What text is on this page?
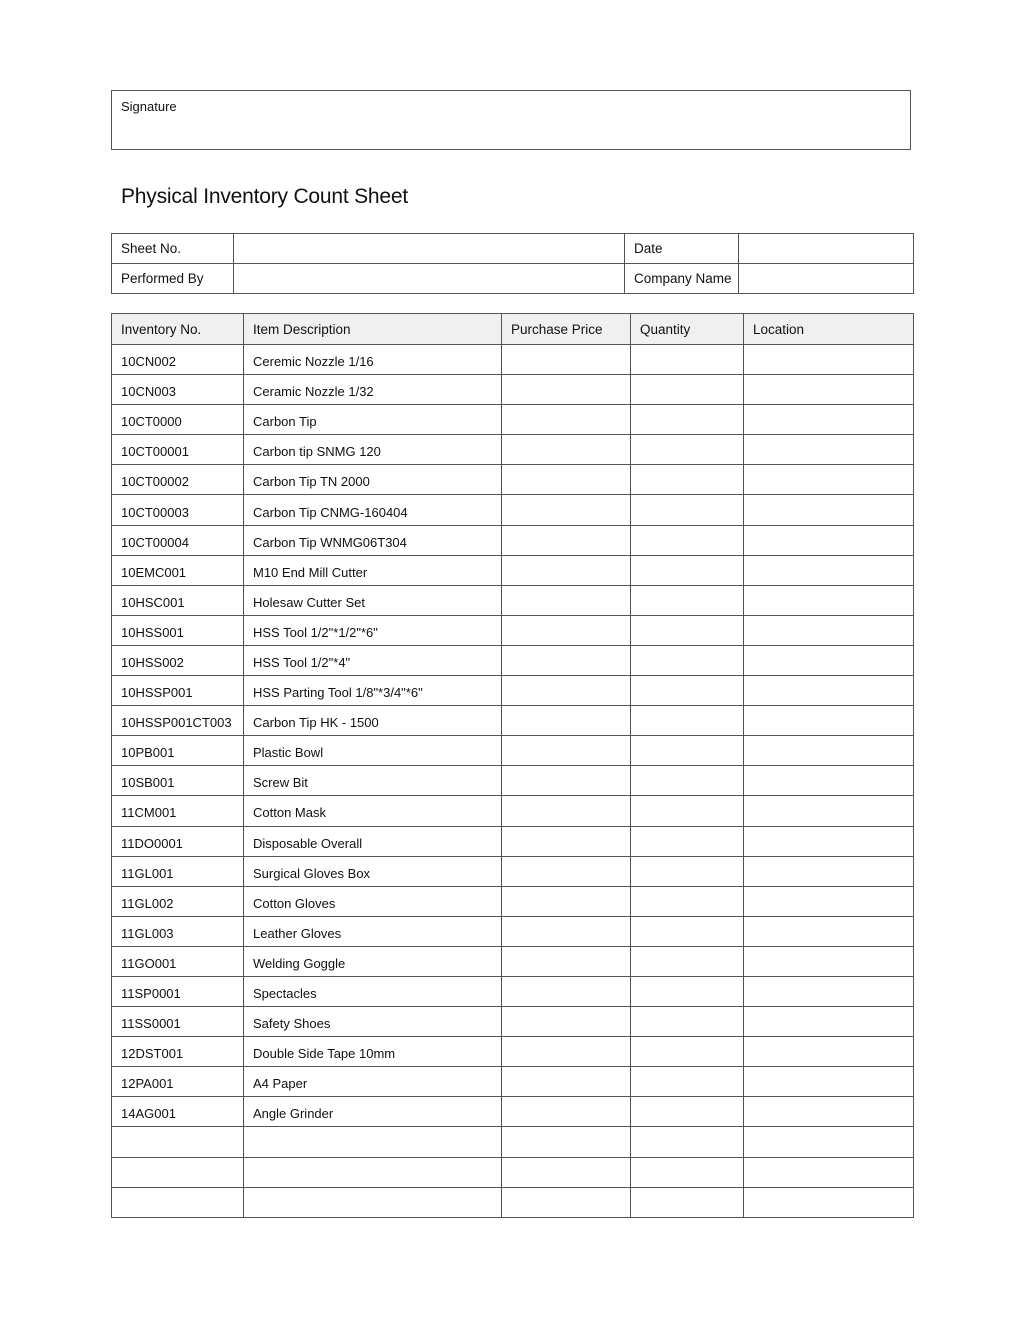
Signature
Physical Inventory Count Sheet
Sheet No.		Date	
Performed By		Company Name	
Inventory No.	Item Description	Purchase Price	Quantity	Location
10CN002	Ceremic Nozzle 1/16			
10CN003	Ceramic Nozzle 1/32			
10CT0000	Carbon Tip			
10CT00001	Carbon tip SNMG 120			
10CT00002	Carbon Tip TN 2000			
10CT00003	Carbon Tip CNMG-160404			
10CT00004	Carbon Tip WNMG06T304			
10EMC001	M10 End Mill Cutter			
10HSC001	Holesaw Cutter Set			
10HSS001	HSS Tool 1/2"*1/2"*6"			
10HSS002	HSS Tool 1/2"*4"			
10HSSP001	HSS Parting Tool 1/8"*3/4"*6"			
10HSSP001CT003	Carbon Tip HK - 1500			
10PB001	Plastic Bowl			
10SB001	Screw Bit			
11CM001	Cotton Mask			
11DO0001	Disposable Overall			
11GL001	Surgical Gloves Box			
11GL002	Cotton Gloves			
11GL003	Leather Gloves			
11GO001	Welding Goggle			
11SP0001	Spectacles			
11SS0001	Safety Shoes			
12DST001	Double Side Tape 10mm			
12PA001	A4 Paper			
14AG001	Angle Grinder			
